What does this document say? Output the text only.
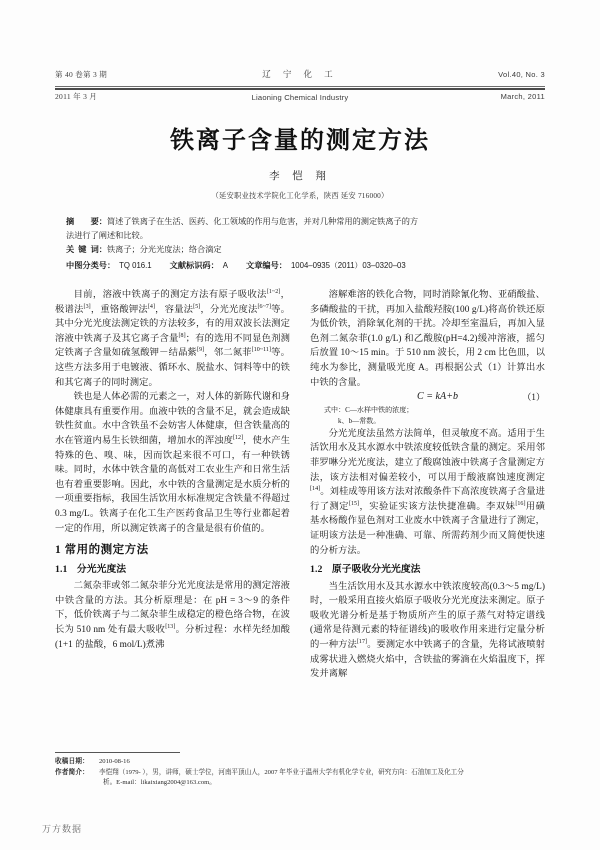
第 40 卷第 3 期

2011 年 3 月

辽 宁 化 工

Liaoning Chemical Industry

Vol.40, No. 3

March, 2011

铁离子含量的测定方法
李 恺 翔
（延安职业技术学院化工化学系，陕西 延安 716000）
摘        要： 简述了铁离子在生活、医药、化工领域的作用与危害，并对几种常用的测定铁离子的方
法进行了阐述和比较。
关  键  词： 铁离子；分光光度法；络合滴定
中图分类号： TQ 016.1 文献标识码： A 文章编号： 1004–0935（2011）03–0320–03

目前，溶液中铁离子的测定方法有原子吸收法[1~2]，极谱法[3]，重铬酸钾法[4]，容量法[5]，分光光度法[6~7]等。其中分光光度法测定铁的方法较多，有的用双波长法测定溶液中铁离子及其它离子含量[8]；有的选用不同显色剂测定铁离子含量如硫氢酸钾－结晶紫[9]，邻二氮菲[10~11]等。这些方法多用于电镀液、循环水、脱盐水、饲料等中的铁和其它离子的同时测定。

铁也是人体必需的元素之一，对人体的新陈代谢和身体健康具有重要作用。血液中铁的含量不足，就会造成缺铁性贫血。水中含铁虽不会妨害人体健康，但含铁量高的水在管道内易生长铁细菌，增加水的浑浊度[12]，使水产生特殊的色、嗅、味，因而饮起来很不可口，有一种铁锈味。同时，水体中铁含量的高低对工农业生产和日常生活也有着重要影响。因此，水中铁的含量测定是水质分析的一项重要指标，我国生活饮用水标准规定含铁量不得超过 0.3 mg/L。铁离子在化工生产医药食品卫生等行业都起着一定的作用，所以测定铁离子的含量是很有价值的。

1 常用的测定方法
1.1 分光光度法

二氮杂菲或邻二氮杂菲分光光度法是常用的测定溶液中铁含量的方法。其分析原理是：在 pH = 3～9 的条件下，低价铁离子与二氮杂菲生成稳定的橙色络合物，在波长为 510 nm 处有最大吸收[13]。分析过程：水样先经加酸(1+1 的盐酸，6 mol/L)煮沸

溶解难溶的铁化合物，同时消除氰化物、亚硝酸盐、多磷酸盐的干扰，再加入盐酸羟胺(100 g/L)将高价铁还原为低价铁，消除氧化剂的干扰。冷却至室温后，再加入显色剂二氮杂菲(1.0 g/L) 和乙酸胺(pH=4.2)缓冲溶液，摇匀后放置 10～15 min。于 510 nm 波长，用 2 cm 比色皿，以纯水为参比，测量吸光度 A。再根据公式（1）计算出水中铁的含量。

C = kA+b	（1）

式中：C—水样中铁的浓度；

k、b—常数。

分光光度法虽然方法简单，但灵敏度不高。适用于生活饮用水及其水源水中铁浓度较低铁含量的测定。采用邻菲罗啉分光光度法，建立了酸腐蚀液中铁离子含量测定方法，该方法相对偏差较小，可以用于酸液腐蚀速度测定[14]。刘桂成等用该方法对浓酸条件下高浓度铁离子含量进行了测定[15]，实验证实该方法快捷准确。李双妹[16]用磺基水杨酸作显色剂对工业废水中铁离子含量进行了测定，证明该方法是一种准确、可靠、所需药剂少而又简便快速的分析方法。

1.2 原子吸收分光光度法

当生活饮用水及其水源水中铁浓度较高(0.3～5 mg/L)时，一般采用直接火焰原子吸收分光光度法来测定。原子吸收光谱分析是基于物质所产生的原子蒸气对特定谱线(通常是待测元素的特征谱线)的吸收作用来进行定量分析的一种方法[17]。要测定水中铁离子的含量，先将试液喷射成雾状进入燃烧火焰中，含铁盐的雾滴在火焰温度下，挥发并离解

收稿日期：	2010-08-16
作者简介：	李恺翔（1979- ），男，讲师，硕士学位，河南平顶山人，2007 年毕业于温州大学有机化学专业，研究方向：石油加工及化工分
析。E-mail：likaixiang2004@163.com。
万方数据
